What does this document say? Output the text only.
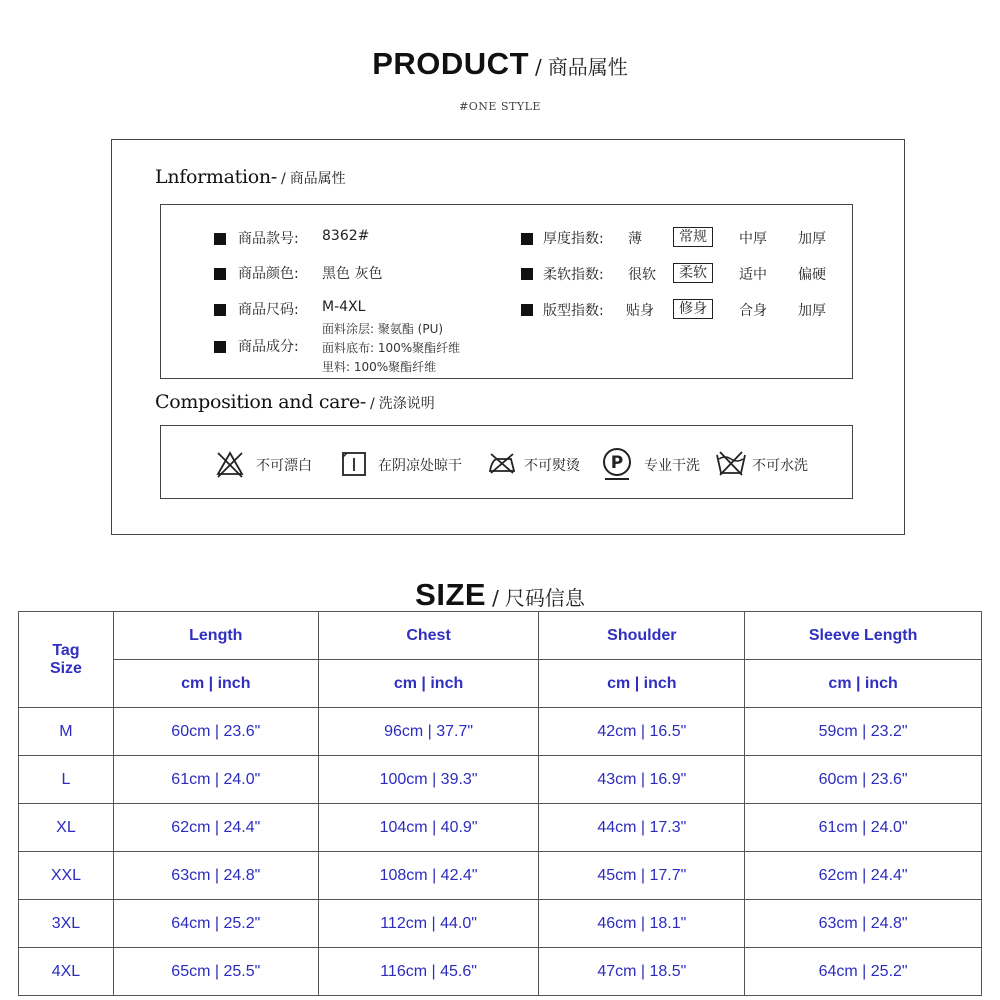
PRODUCT / 商品属性
#ONE STYLE
Lnformation- / 商品属性
商品款号: 8362#
商品颜色: 黑色 灰色
商品尺码: M-4XL
商品成分:
面料涂层: 聚氨酯 (PU)
面料底布: 100%聚酯纤维
里料: 100%聚酯纤维
厚度指数: 薄	常规	中厚 加厚
柔软指数: 很软	柔软	适中 偏硬
版型指数: 贴身	修身	合身 加厚
Composition and care- / 洗涤说明
不可漂白	在阴凉处晾干	不可熨烫 P 专业干洗	不可水洗
SIZE / 尺码信息
Tag
Size	Length	Chest	Shoulder	Sleeve Length
	cm | inch	cm | inch	cm | inch	cm | inch
M	60cm | 23.6"	96cm | 37.7"	42cm | 16.5"	59cm | 23.2"
L	61cm | 24.0"	100cm | 39.3"	43cm | 16.9"	60cm | 23.6"
XL	62cm | 24.4"	104cm | 40.9"	44cm | 17.3"	61cm | 24.0"
XXL	63cm | 24.8"	108cm | 42.4"	45cm | 17.7"	62cm | 24.4"
3XL	64cm | 25.2"	112cm | 44.0"	46cm | 18.1"	63cm | 24.8"
4XL	65cm | 25.5"	116cm | 45.6"	47cm | 18.5"	64cm | 25.2"
